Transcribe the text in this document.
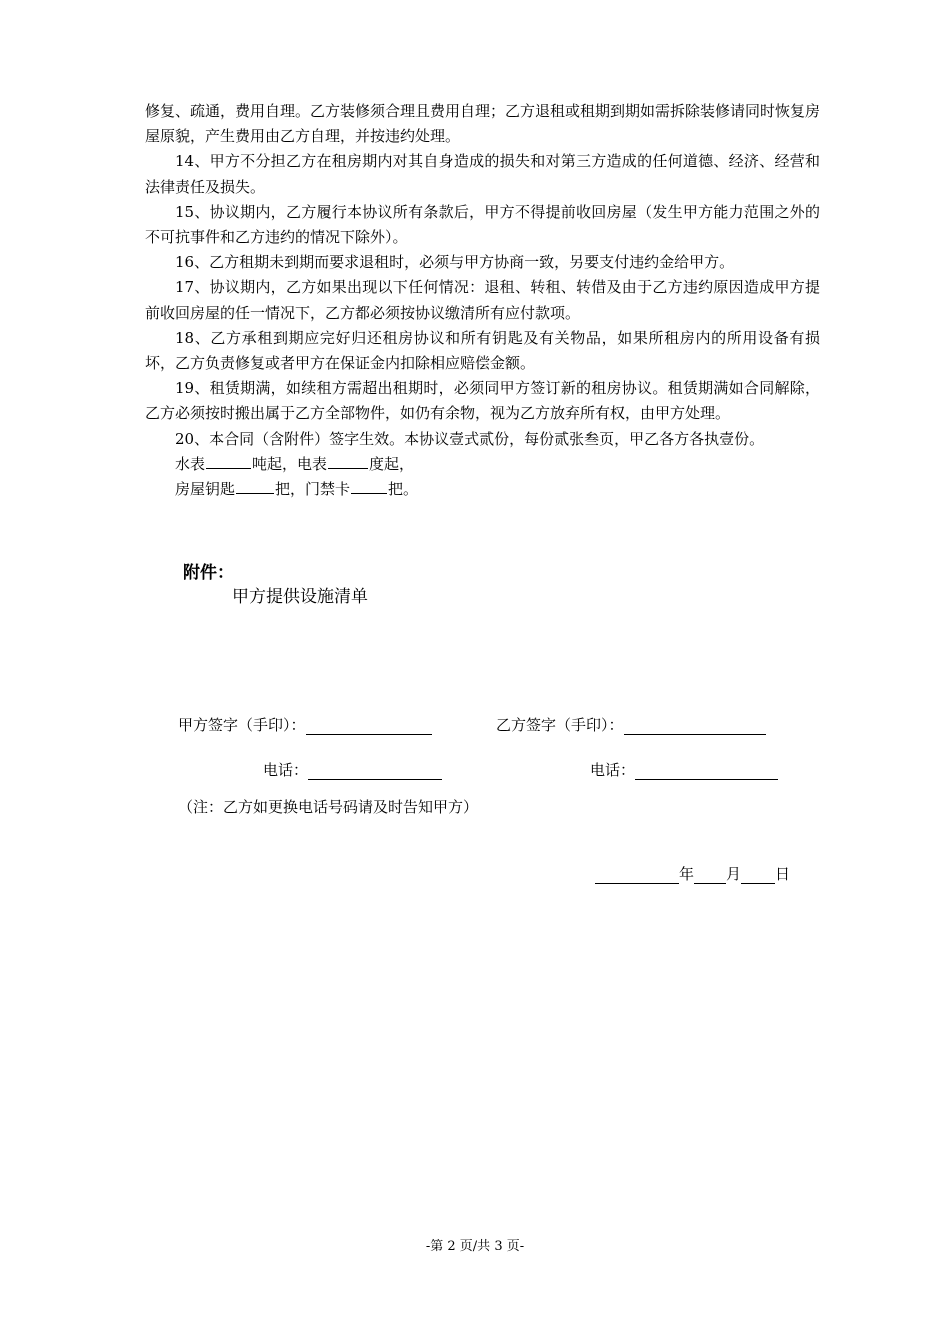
修复、疏通，费用自理。乙方装修须合理且费用自理；乙方退租或租期到期如需拆除装修请同时恢复房屋原貌，产生费用由乙方自理，并按违约处理。

14、甲方不分担乙方在租房期内对其自身造成的损失和对第三方造成的任何道德、经济、经营和法律责任及损失。

15、协议期内，乙方履行本协议所有条款后，甲方不得提前收回房屋（发生甲方能力范围之外的不可抗事件和乙方违约的情况下除外）。

16、乙方租期未到期而要求退租时，必须与甲方协商一致，另要支付违约金给甲方。

17、协议期内，乙方如果出现以下任何情况：退租、转租、转借及由于乙方违约原因造成甲方提前收回房屋的任一情况下，乙方都必须按协议缴清所有应付款项。

18、乙方承租到期应完好归还租房协议和所有钥匙及有关物品，如果所租房内的所用设备有损坏，乙方负责修复或者甲方在保证金内扣除相应赔偿金额。

19、租赁期满，如续租方需超出租期时，必须同甲方签订新的租房协议。租赁期满如合同解除，乙方必须按时搬出属于乙方全部物件，如仍有余物，视为乙方放弃所有权，由甲方处理。

20、本合同（含附件）签字生效。本协议壹式贰份，每份贰张叁页，甲乙各方各执壹份。

水表	吨起，电表	度起，

房屋钥匙	把，门禁卡	把。

附件：
甲方提供设施清单
甲方签字（手印）：	乙方签字（手印）：
电话：	电话：
（注：乙方如更换电话号码请及时告知甲方）
年 月 日
-第 2 页/共 3 页-
